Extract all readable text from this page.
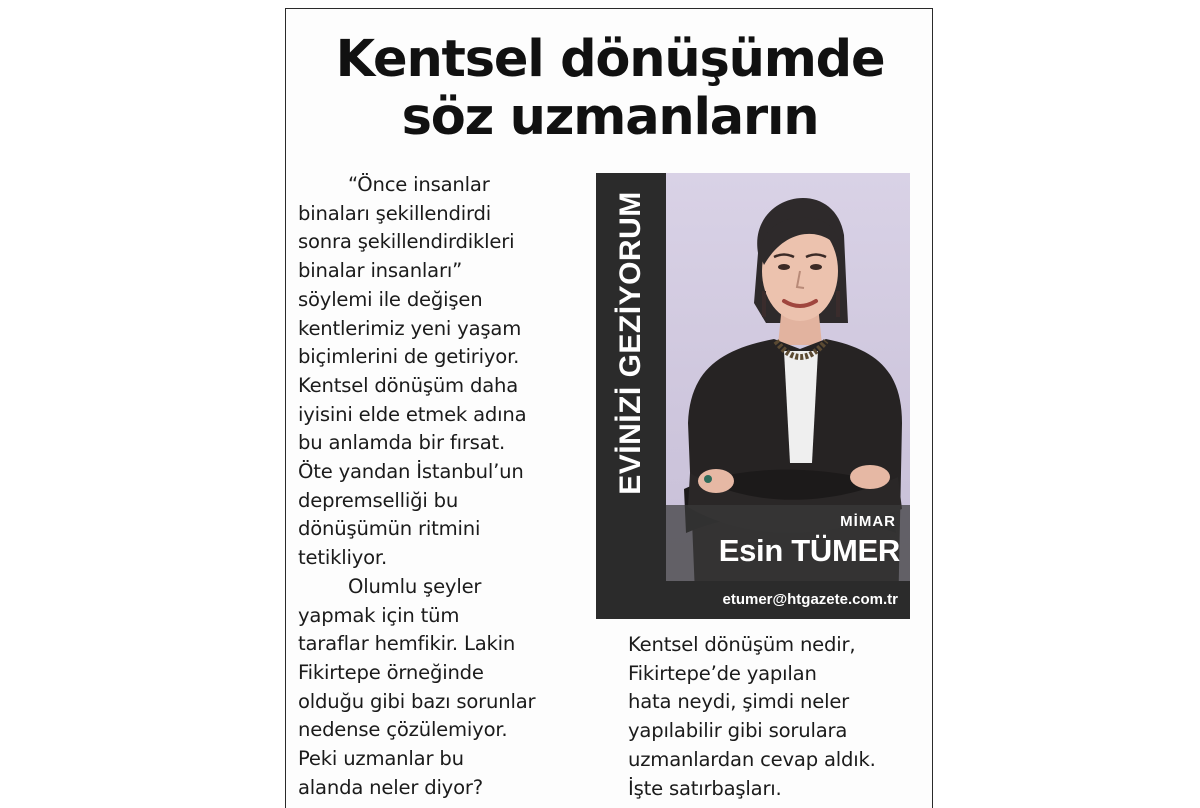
Kentsel dönüşümde
söz uzmanların
“Önce insanlar
binaları şekillendirdi
sonra şekillendirdikleri
binalar insanları”
söylemi ile değişen
kentlerimiz yeni yaşam
biçimlerini de getiriyor.
Kentsel dönüşüm daha
iyisini elde etmek adına
bu anlamda bir fırsat.
Öte yandan İstanbul’un
depremselliği bu
dönüşümün ritmini
tetikliyor.
Olumlu şeyler
yapmak için tüm
taraflar hemfikir. Lakin
Fikirtepe örneğinde
olduğu gibi bazı sorunlar
nedense çözülemiyor.
Peki uzmanlar bu
alanda neler diyor?
EVİNİZİ GEZİYORUM
MİMAR
Esin TÜMER
etumer@htgazete.com.tr
Kentsel dönüşüm nedir,
Fikirtepe’de yapılan
hata neydi, şimdi neler
yapılabilir gibi sorulara
uzmanlardan cevap aldık.
İşte satırbaşları.
